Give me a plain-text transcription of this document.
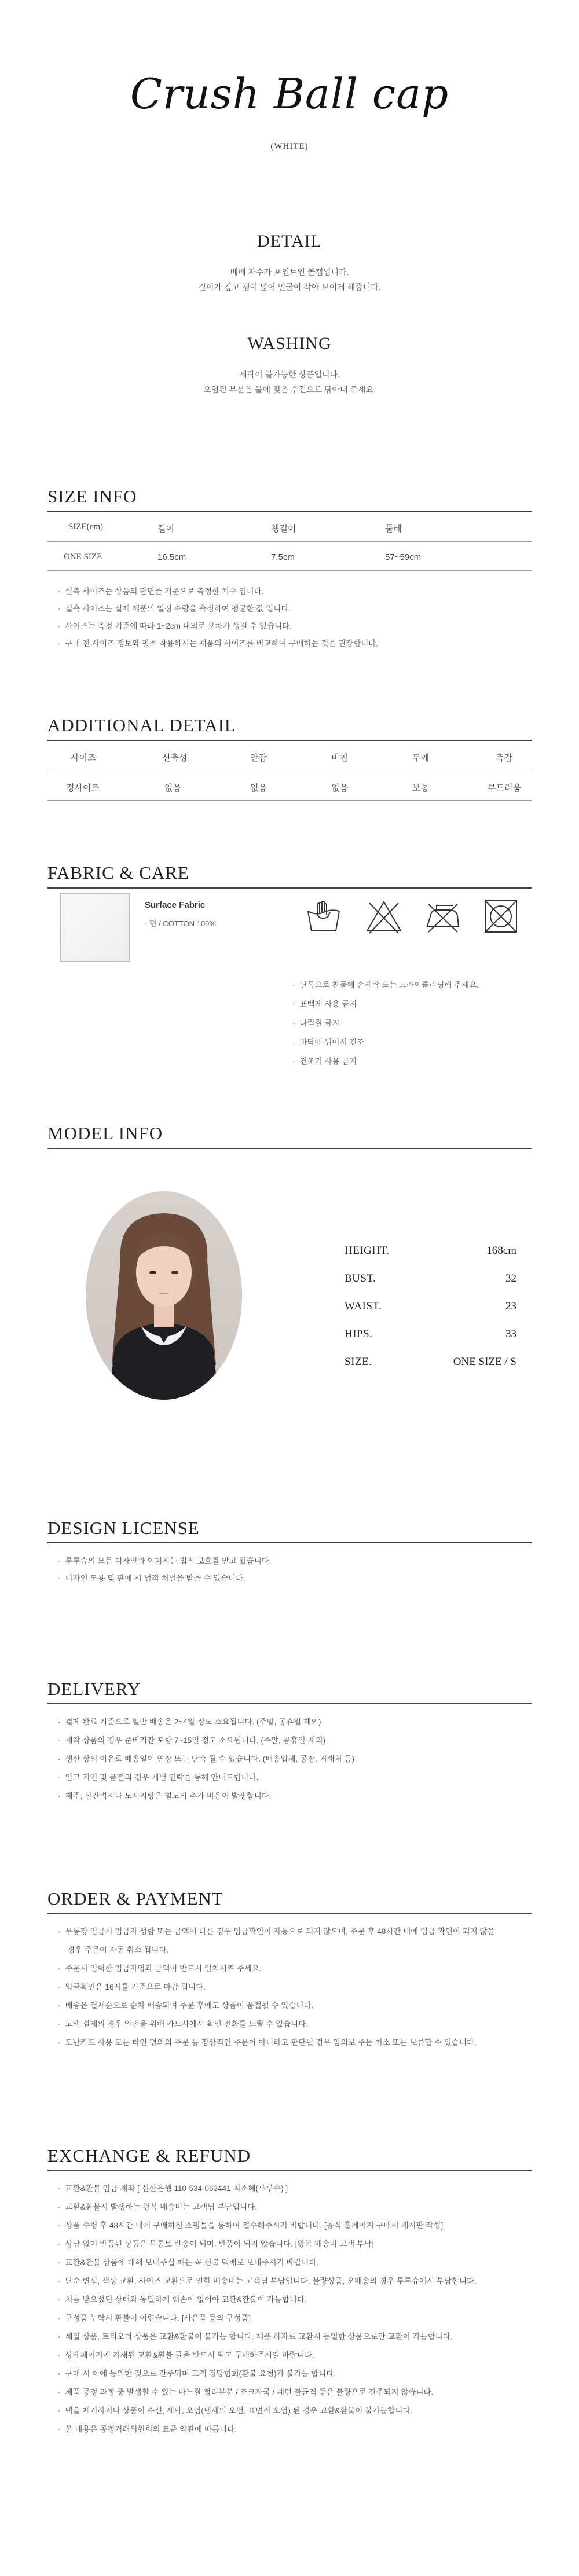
Crush Ball cap
(WHITE)
DETAIL
베베 자수가 포인트인 볼캡입니다.
길이가 깊고 챙이 넓어 얼굴이 작아 보이게 해줍니다.
WASHING
세탁이 불가능한 상품입니다.
오염된 부분은 물에 젖은 수건으로 닦아내 주세요.
SIZE INFO
SIZE(cm)	길이	챙길이	둘레
ONE SIZE	16.5cm	7.5cm	57~59cm
· 실측 사이즈는 상품의 단면을 기준으로 측정한 치수 입니다.
· 실측 사이즈는 실제 제품의 일정 수량을 측정하여 평균한 값 입니다.
· 사이즈는 측정 기준에 따라 1~2cm 내외로 오차가 생길 수 있습니다.
· 구매 전 사이즈 정보와 핏소 착용하시는 제품의 사이즈를 비교하여 구매하는 것을 권장합니다.
ADDITIONAL DETAIL
사이즈	신축성	안감	비침	두께	촉감
정사이즈	없음	없음	없음	보통	부드러움
FABRIC & CARE
Surface Fabric
· 면 / COTTON 100%
· 단독으로 찬물에 손세탁 또는 드라이클리닝해 주세요.
· 표백제 사용 금지
· 다림질 금지
· 바닥에 뉘어서 건조
· 건조기 사용 금지
MODEL INFO
HEIGHT.	168cm
BUST.	32
WAIST.	23
HIPS.	33
SIZE.	ONE SIZE / S
DESIGN LICENSE
· 루루슈의 모든 디자인과 이미지는 법적 보호를 받고 있습니다.
· 디자인 도용 및 판매 시 법적 처벌을 받을 수 있습니다.
DELIVERY
· 결제 완료 기준으로 일반 배송은 2~4일 정도 소요됩니다. (주말, 공휴일 제외)
· 제작 상품의 경우 준비기간 포함 7~15일 정도 소요됩니다. (주말, 공휴일 제외)
· 생산 상의 이유로 배송일이 연장 또는 단축 될 수 있습니다. (배송업체, 공장, 거래처 등)
· 입고 지연 및 품절의 경우 개별 연락을 통해 안내드립니다.
· 제주, 산간벽지나 도서지방은 별도의 추가 비용이 발생합니다.
ORDER & PAYMENT
· 무통장 입금시 입금자 성함 또는 금액이 다른 경우 입금확인이 자동으로 되지 않으며, 주문 후 48시간 내에 입금 확인이 되지 않을
경우 주문이 자동 취소 됩니다.
· 주문시 입력한 입금자명과 금액이 반드시 일치시켜 주세요.
· 입금확인은 16시를 기준으로 마감 됩니다.
· 배송은 결제순으로 순차 배송되며 주문 후에도 상품이 품절될 수 있습니다.
· 고액 결제의 경우 안전을 위해 카드사에서 확인 전화를 드릴 수 있습니다.
· 도난카드 사용 또는 타인 명의의 주문 등 정상적인 주문이 아니라고 판단될 경우 임의로 주문 취소 또는 보류할 수 있습니다.
EXCHANGE & REFUND
· 교환&환불 입금 계좌 [ 신한은행 110-534-063441 최소혜(루루슈) ]
· 교환&환불시 발생하는 왕복 배송비는 고객님 부담입니다.
· 상품 수령 후 48시간 내에 구매하신 쇼핑몰을 통하여 접수해주시기 바랍니다. [공식 홈페이지 구매시 게시판 작성]
· 상담 없이 반품된 상품은 무통보 반송이 되며, 반품이 되지 않습니다. [왕복 배송비 고객 부담]
· 교환&환불 상품에 대해 보내주실 때는 꼭 선불 택배로 보내주시기 바랍니다.
· 단순 변심, 색상 교환, 사이즈 교환으로 인한 배송비는 고객님 부담입니다. 불량상품, 오배송의 경우 루루슈에서 부담합니다.
· 처음 받으셨던 상태와 동일하게 훼손이 없어야 교환&환불이 가능합니다.
· 구성품 누락시 환불이 어렵습니다. [사은품 등의 구성품]
· 세일 상품, 트리오더 상품은 교환&환불이 불가능 합니다. 제품 하자로 교환시 동일한 상품으로만 교환이 가능합니다.
· 상세페이지에 기재된 교환&환불 글을 반드시 읽고 구매하주시길 바랍니다.
· 구매 시 이에 동의한 것으로 간주되며 고객 정당힘회(환불 요청)가 불가능 합니다.
· 제품 공정 과정 중 발생할 수 있는 바느질 정리부분 / 조크자국 / 패턴 불균직 등은 불량으로 간주되지 않습니다.
· 택을 제거하거나 상품이 수선, 세탁, 오염(냄새의 오염, 표면적 오염) 된 경우 교환&환불이 불가능합니다.
· 본 내용은 공정거래위원회의 표준 약관에 따릅니다.
